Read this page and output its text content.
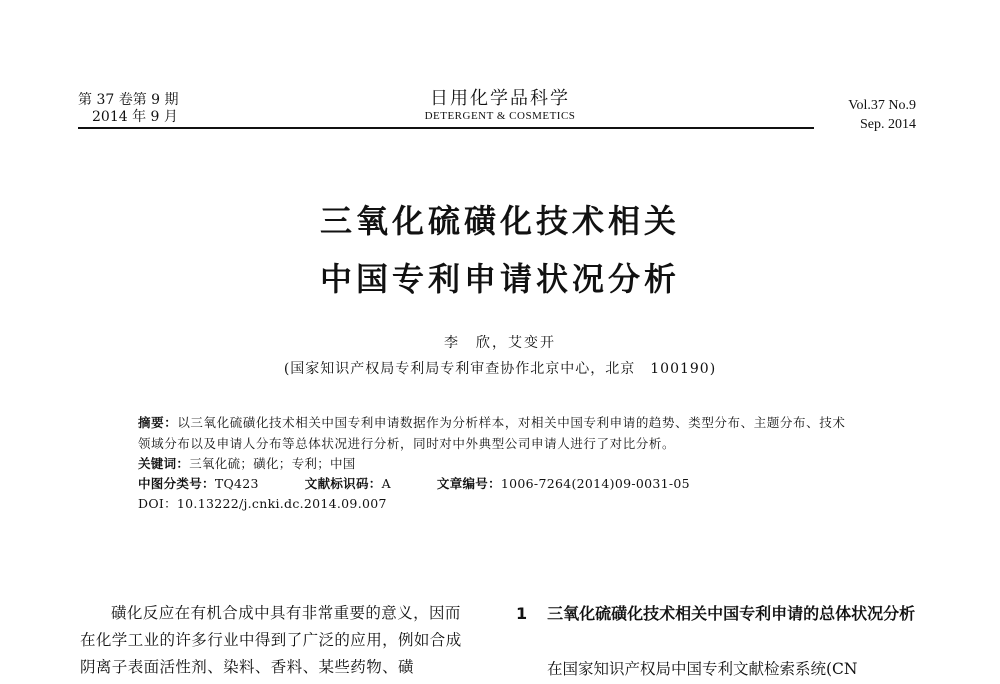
第 37 卷第 9 期
2014 年 9 月
日用化学品科学
DETERGENT & COSMETICS
Vol.37 No.9
Sep. 2014
三氧化硫磺化技术相关
中国专利申请状况分析
李　欣，艾变开
(国家知识产权局专利局专利审查协作北京中心，北京　100190)
摘要：以三氧化硫磺化技术相关中国专利申请数据作为分析样本，对相关中国专利申请的趋势、类型分布、主题分布、技术领域分布以及申请人分布等总体状况进行分析，同时对中外典型公司申请人进行了对比分析。
关键词：三氧化硫；磺化；专利；中国
中图分类号：TQ423	文献标识码：A	文章编号：1006-7264(2014)09-0031-05
DOI：10.13222/j.cnki.dc.2014.09.007

磺化反应在有机合成中具有非常重要的意义，因而在化学工业的许多行业中得到了广泛的应用，例如合成阴离子表面活性剂、染料、香料、某些药物、磺

1 三氧化硫磺化技术相关中国专利申请的总体状况分析
在国家知识产权局中国专利文献检索系统(CN
